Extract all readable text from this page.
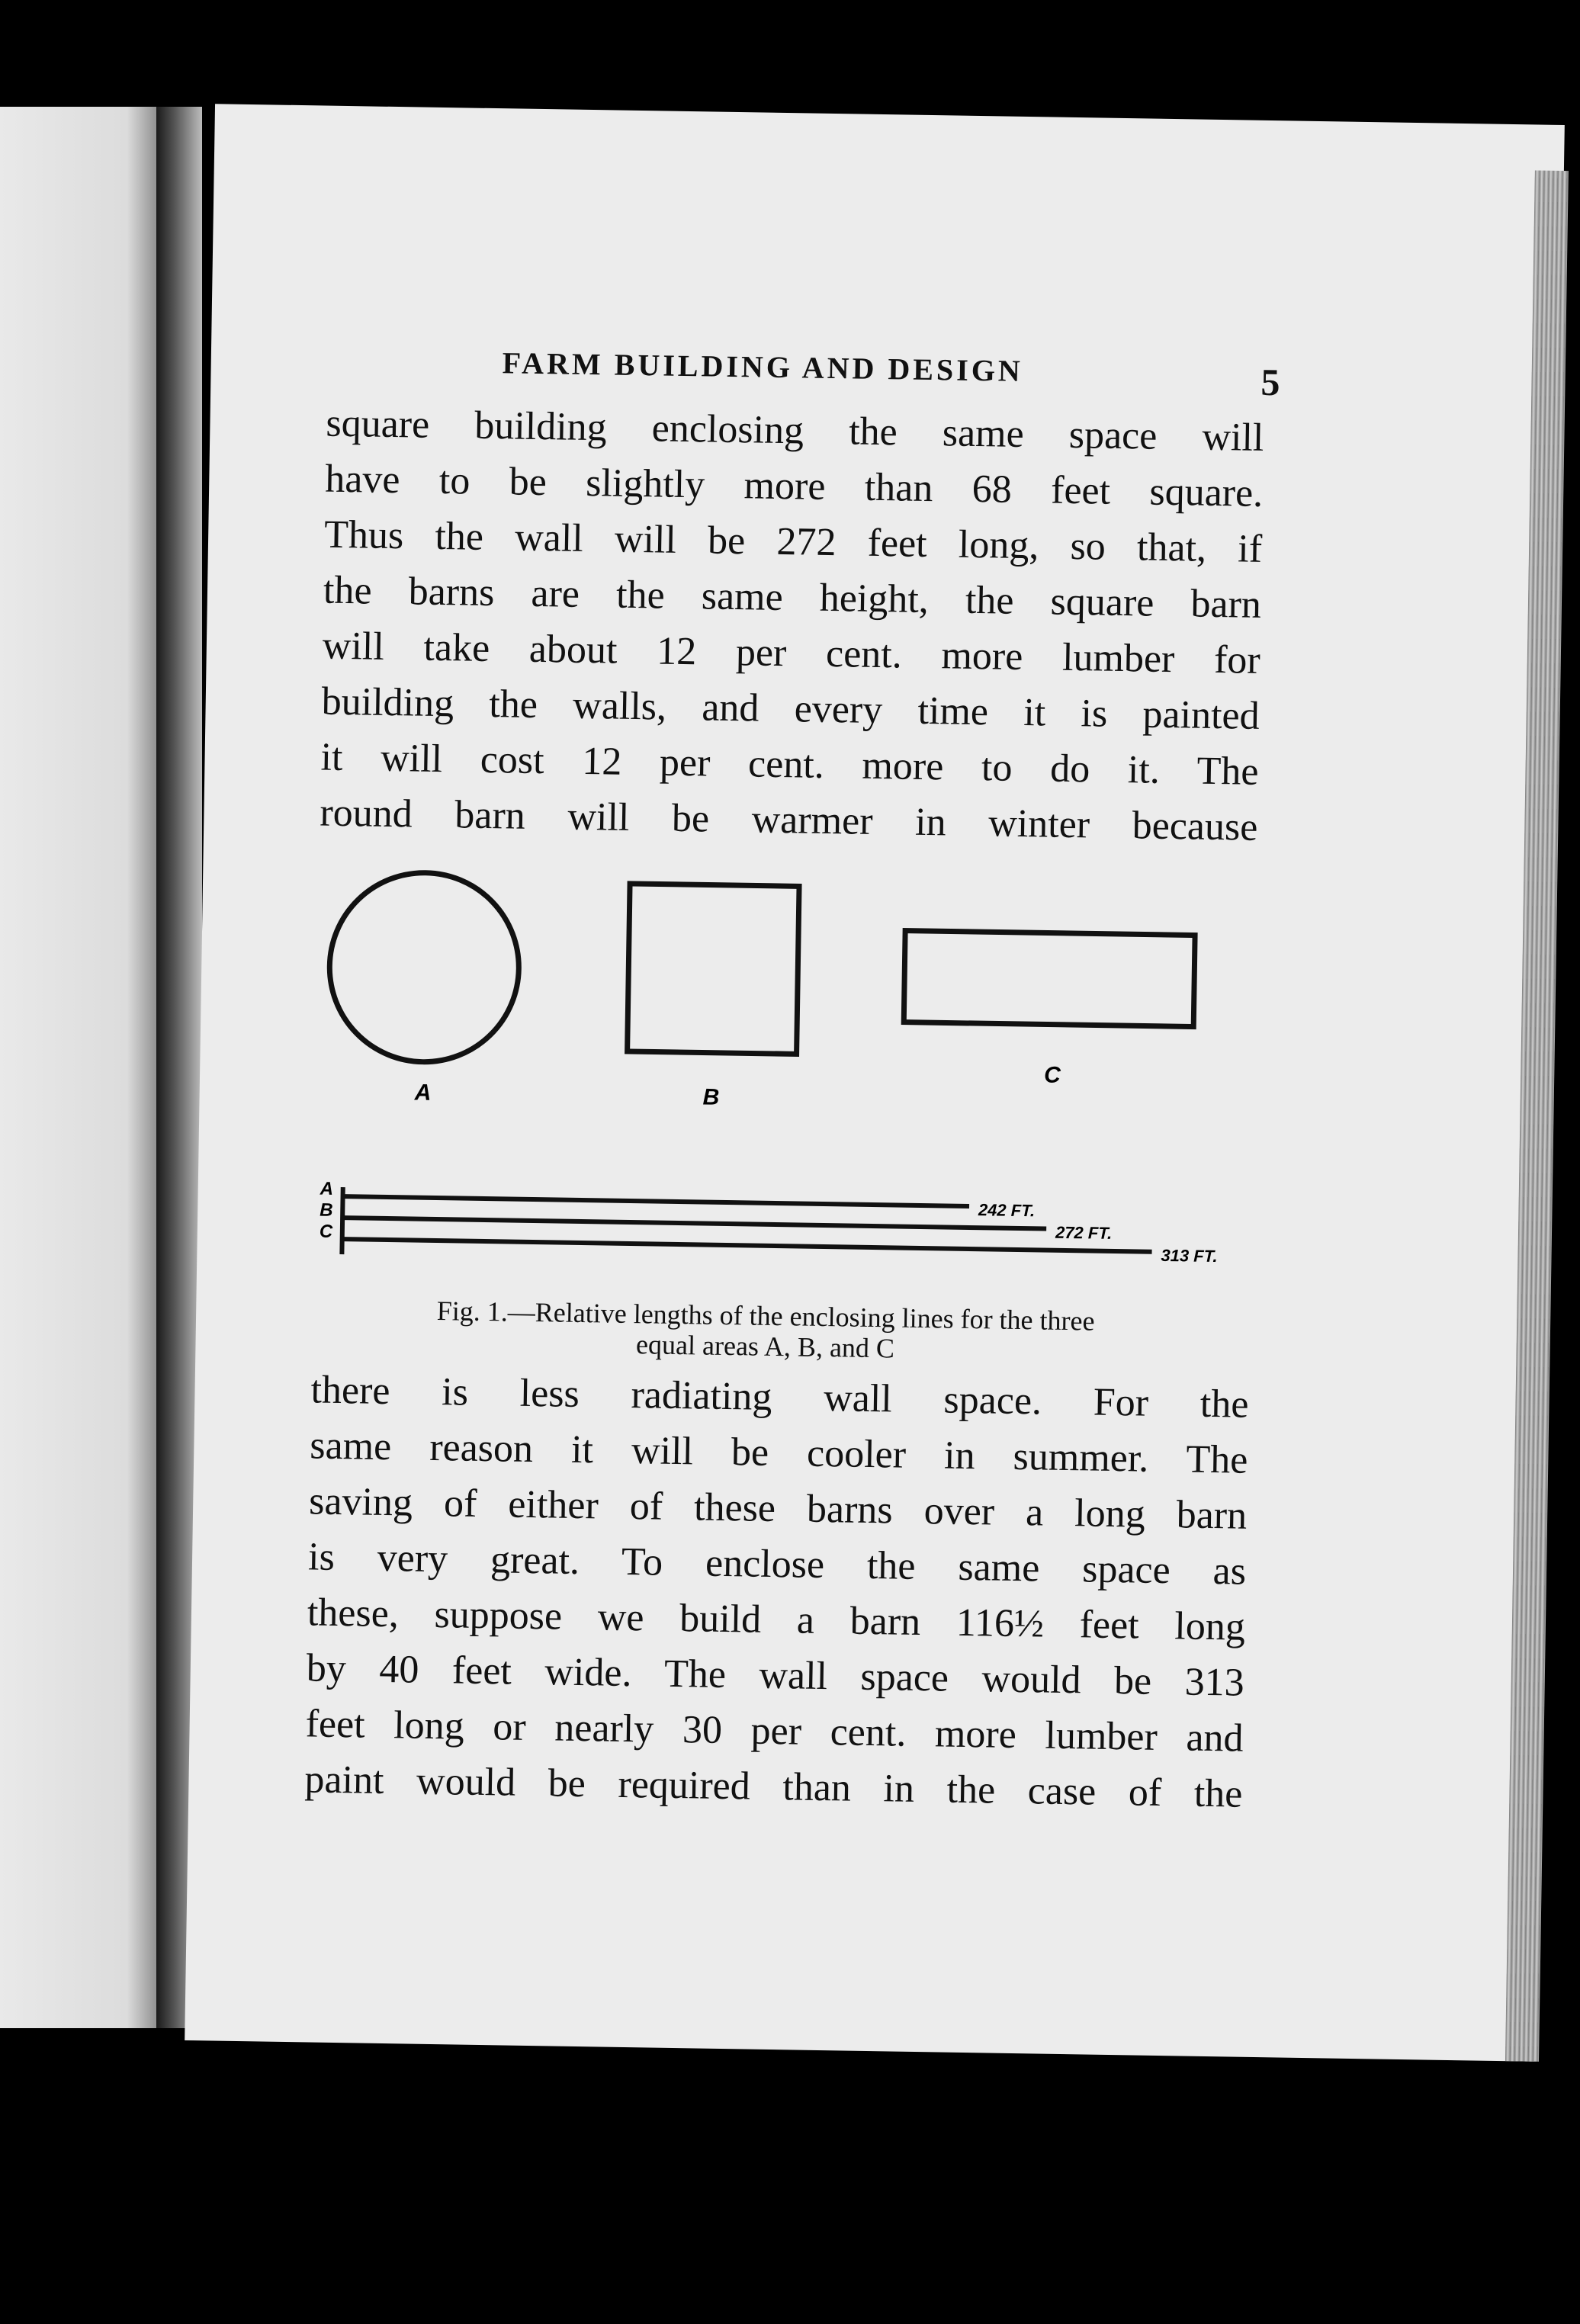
FARM BUILDING AND DESIGN	5

square building enclosing the same space will
have to be slightly more than 68 feet square.
Thus the wall will be 272 feet long, so that, if
the barns are the same height, the square barn
will take about 12 per cent. more lumber for
building the walls, and every time it is painted
it will cost 12 per cent. more to do it. The
round barn will be warmer in winter because

A	B
C
242 FT.
272 FT.
313 FT.
A
B
C
Fig. 1.—Relative lengths of the enclosing lines for the three
equal areas A, B, and C

there is less radiating wall space. For the
same reason it will be cooler in summer. The
saving of either of these barns over a long barn
is very great. To enclose the same space as
these, suppose we build a barn 116½ feet long
by 40 feet wide. The wall space would be 313
feet long or nearly 30 per cent. more lumber and
paint would be required than in the case of the
